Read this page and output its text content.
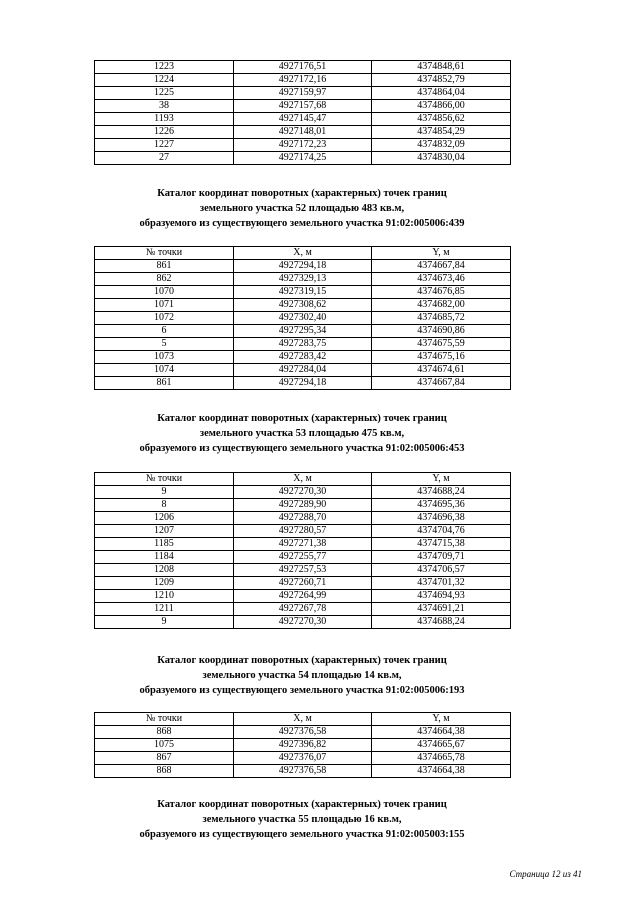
1223	4927176,51	4374848,61
1224	4927172,16	4374852,79
1225	4927159,97	4374864,04
38	4927157,68	4374866,00
1193	4927145,47	4374856,62
1226	4927148,01	4374854,29
1227	4927172,23	4374832,09
27	4927174,25	4374830,04
Каталог координат поворотных (характерных) точек границ
земельного участка 52 площадью 483 кв.м,
образуемого из существующего земельного участка 91:02:005006:439
№ точки	X, м	Y, м
861	4927294,18	4374667,84
862	4927329,13	4374673,46
1070	4927319,15	4374676,85
1071	4927308,62	4374682,00
1072	4927302,40	4374685,72
6	4927295,34	4374690,86
5	4927283,75	4374675,59
1073	4927283,42	4374675,16
1074	4927284,04	4374674,61
861	4927294,18	4374667,84
Каталог координат поворотных (характерных) точек границ
земельного участка 53 площадью 475 кв.м,
образуемого из существующего земельного участка 91:02:005006:453
№ точки	X, м	Y, м
9	4927270,30	4374688,24
8	4927289,90	4374695,36
1206	4927288,70	4374696,38
1207	4927280,57	4374704,76
1185	4927271,38	4374715,38
1184	4927255,77	4374709,71
1208	4927257,53	4374706,57
1209	4927260,71	4374701,32
1210	4927264,99	4374694,93
1211	4927267,78	4374691,21
9	4927270,30	4374688,24
Каталог координат поворотных (характерных) точек границ
земельного участка 54 площадью 14 кв.м,
образуемого из существующего земельного участка 91:02:005006:193
№ точки	X, м	Y, м
868	4927376,58	4374664,38
1075	4927396,82	4374665,67
867	4927376,07	4374665,78
868	4927376,58	4374664,38
Каталог координат поворотных (характерных) точек границ
земельного участка 55 площадью 16 кв.м,
образуемого из существующего земельного участка 91:02:005003:155
Страница 12 из 41
